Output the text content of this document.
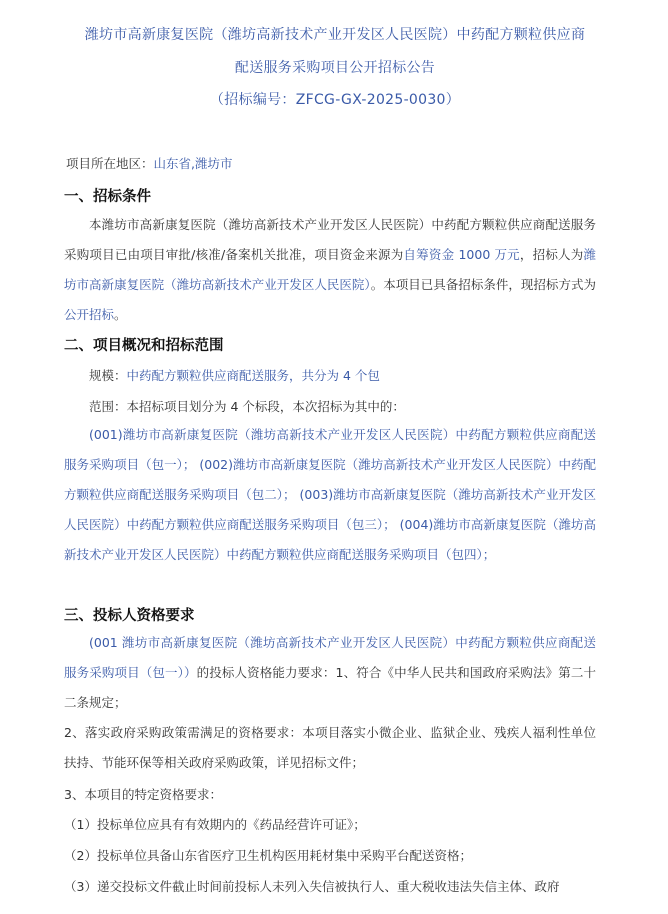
潍坊市高新康复医院（潍坊高新技术产业开发区人民医院）中药配方颗粒供应商
配送服务采购项目公开招标公告
（招标编号：ZFCG-GX-2025-0030）
项目所在地区：山东省,潍坊市
一、招标条件
本潍坊市高新康复医院（潍坊高新技术产业开发区人民医院）中药配方颗粒供应商配送服务采购项目已由项目审批/核准/备案机关批准，项目资金来源为自筹资金 1000 万元，招标人为潍坊市高新康复医院（潍坊高新技术产业开发区人民医院）。本项目已具备招标条件，现招标方式为公开招标。
二、项目概况和招标范围
规模：中药配方颗粒供应商配送服务，共分为 4 个包
范围：本招标项目划分为 4 个标段，本次招标为其中的：
(001)潍坊市高新康复医院（潍坊高新技术产业开发区人民医院）中药配方颗粒供应商配送服务采购项目（包一）； (002)潍坊市高新康复医院（潍坊高新技术产业开发区人民医院）中药配方颗粒供应商配送服务采购项目（包二）； (003)潍坊市高新康复医院（潍坊高新技术产业开发区人民医院）中药配方颗粒供应商配送服务采购项目（包三）； (004)潍坊市高新康复医院（潍坊高新技术产业开发区人民医院）中药配方颗粒供应商配送服务采购项目（包四）；
三、投标人资格要求
(001 潍坊市高新康复医院（潍坊高新技术产业开发区人民医院）中药配方颗粒供应商配送服务采购项目（包一））的投标人资格能力要求：1、符合《中华人民共和国政府采购法》第二十二条规定；
2、落实政府采购政策需满足的资格要求：本项目落实小微企业、监狱企业、残疾人福利性单位扶持、节能环保等相关政府采购政策，详见招标文件；
3、本项目的特定资格要求：
（1）投标单位应具有有效期内的《药品经营许可证》；
（2）投标单位具备山东省医疗卫生机构医用耗材集中采购平台配送资格；
（3）递交投标文件截止时间前投标人未列入失信被执行人、重大税收违法失信主体、政府
